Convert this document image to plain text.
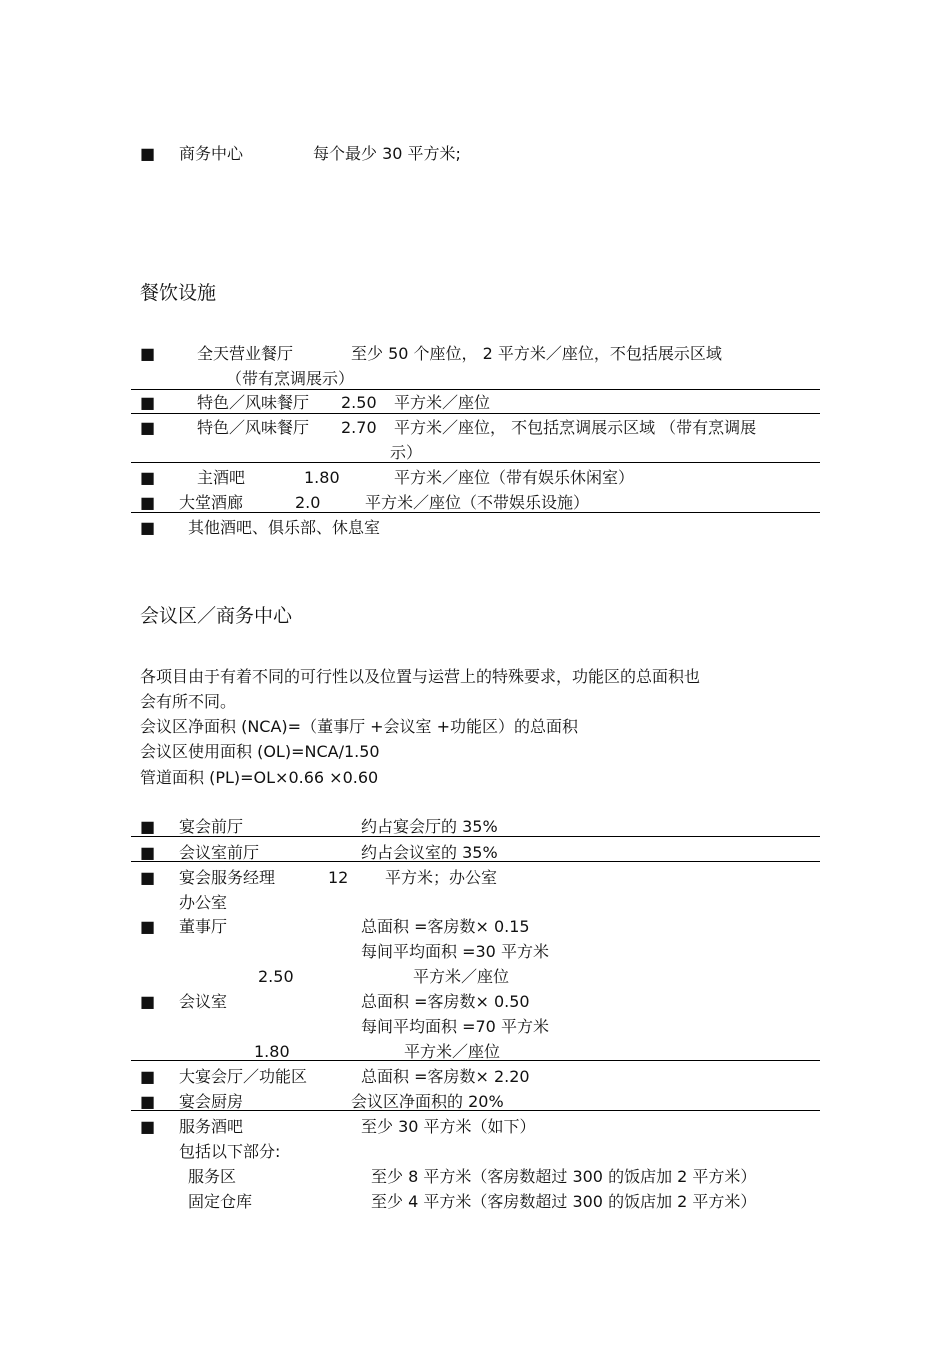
■ 商务中心	每个最少 30 平方米;
餐饮设施
■	全天营业餐厅	至少 50 个座位， 2 平方米／座位，不包括展示区域
（带有烹调展示）
■	特色／风味餐厅 2.50 平方米／座位
■	特色／风味餐厅 2.70 平方米／座位， 不包括烹调展示区域 （带有烹调展
示）
■	主酒吧	1.80	平方米／座位（带有娱乐休闲室）
■ 大堂酒廊	2.0	平方米／座位（不带娱乐设施）
■ 其他酒吧、俱乐部、休息室
会议区／商务中心
各项目由于有着不同的可行性以及位置与运营上的特殊要求，功能区的总面积也
会有所不同。
会议区净面积 (NCA)=（董事厅 +会议室 +功能区）的总面积
会议区使用面积 (OL)=NCA/1.50
管道面积 (PL)=OL×0.66 ×0.60
■ 宴会前厅	约占宴会厅的 35%
■ 会议室前厅	约占会议室的 35%
■ 宴会服务经理	12 平方米；办公室
办公室
■ 董事厅	总面积 =客房数× 0.15
每间平均面积 =30 平方米
2.50	平方米／座位
■ 会议室	总面积 =客房数× 0.50
每间平均面积 =70 平方米
1.80	平方米／座位
■ 大宴会厅／功能区	总面积 =客房数× 2.20
■ 宴会厨房	会议区净面积的 20%
■ 服务酒吧	至少 30 平方米（如下）
包括以下部分:
服务区	至少 8 平方米（客房数超过 300 的饭店加 2 平方米）
固定仓库	至少 4 平方米（客房数超过 300 的饭店加 2 平方米）
